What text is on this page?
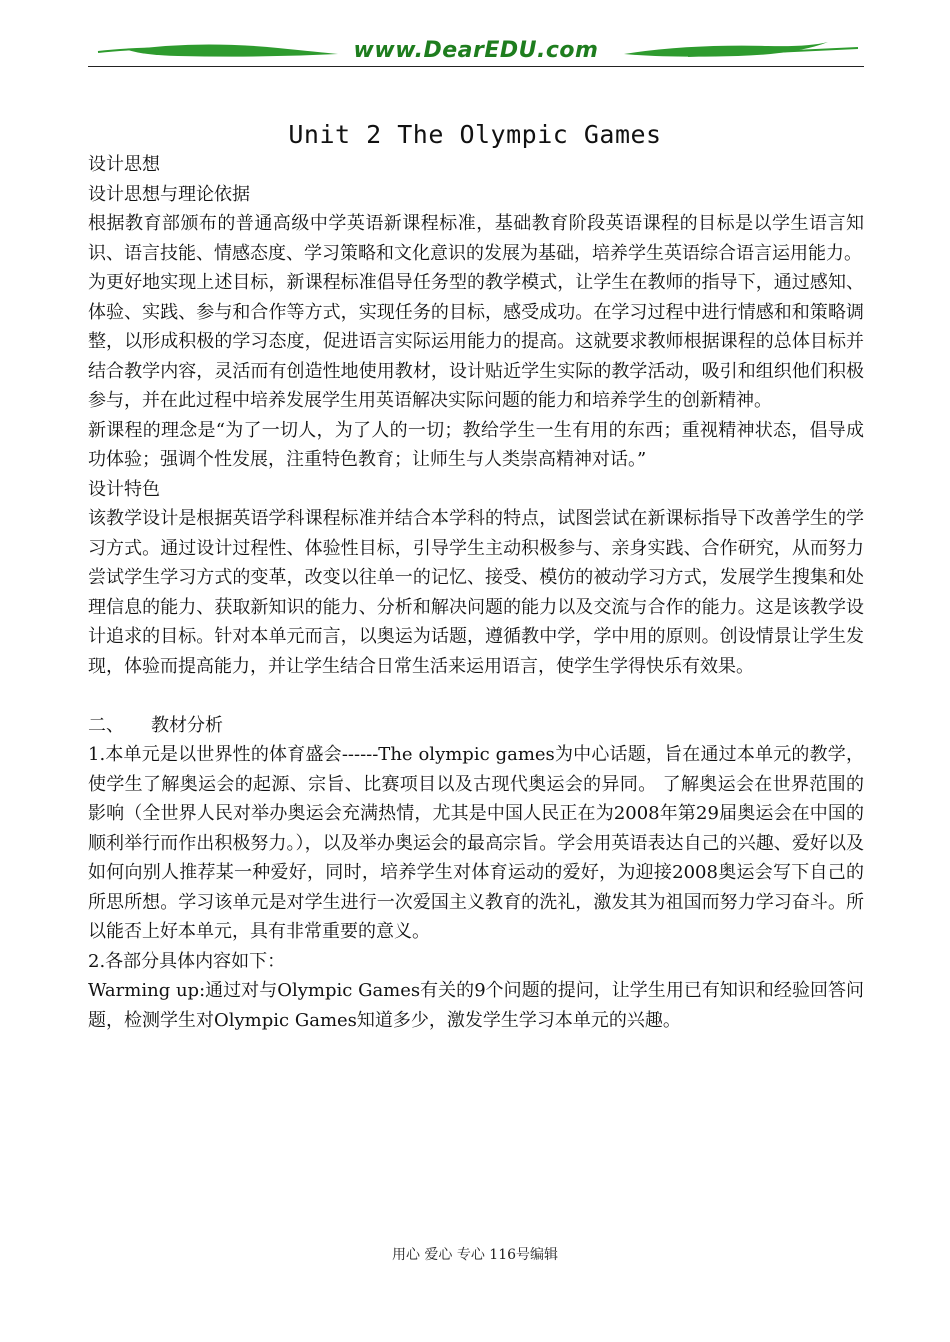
www.DearEDU.com
Unit 2 The Olympic Games

设计思想

设计思想与理论依据

根据教育部颁布的普通高级中学英语新课程标准，基础教育阶段英语课程的目标是以学生语言知识、语言技能、情感态度、学习策略和文化意识的发展为基础，培养学生英语综合语言运用能力。

为更好地实现上述目标，新课程标准倡导任务型的教学模式，让学生在教师的指导下，通过感知、体验、实践、参与和合作等方式，实现任务的目标，感受成功。在学习过程中进行情感和和策略调整，以形成积极的学习态度，促进语言实际运用能力的提高。这就要求教师根据课程的总体目标并结合教学内容，灵活而有创造性地使用教材，设计贴近学生实际的教学活动，吸引和组织他们积极参与，并在此过程中培养发展学生用英语解决实际问题的能力和培养学生的创新精神。

新课程的理念是“为了一切人，为了人的一切；教给学生一生有用的东西；重视精神状态，倡导成功体验；强调个性发展，注重特色教育；让师生与人类崇高精神对话。”

设计特色

该教学设计是根据英语学科课程标准并结合本学科的特点，试图尝试在新课标指导下改善学生的学习方式。通过设计过程性、体验性目标，引导学生主动积极参与、亲身实践、合作研究，从而努力尝试学生学习方式的变革，改变以往单一的记忆、接受、模仿的被动学习方式，发展学生搜集和处理信息的能力、获取新知识的能力、分析和解决问题的能力以及交流与合作的能力。这是该教学设计追求的目标。针对本单元而言，以奥运为话题，遵循教中学，学中用的原则。创设情景让学生发现，体验而提高能力，并让学生结合日常生活来运用语言，使学生学得快乐有效果。

二、　　教材分析

1.本单元是以世界性的体育盛会------The olympic games为中心话题，旨在通过本单元的教学，使学生了解奥运会的起源、宗旨、比赛项目以及古现代奥运会的异同。 了解奥运会在世界范围的影响（全世界人民对举办奥运会充满热情，尤其是中国人民正在为2008年第29届奥运会在中国的顺利举行而作出积极努力。），以及举办奥运会的最高宗旨。学会用英语表达自己的兴趣、爱好以及如何向别人推荐某一种爱好，同时，培养学生对体育运动的爱好，为迎接2008奥运会写下自己的所思所想。学习该单元是对学生进行一次爱国主义教育的洗礼，激发其为祖国而努力学习奋斗。所以能否上好本单元，具有非常重要的意义。

2.各部分具体内容如下：

Warming up:通过对与Olympic Games有关的9个问题的提问，让学生用已有知识和经验回答问题，检测学生对Olympic Games知道多少，激发学生学习本单元的兴趣。

用心 爱心 专心 116号编辑
